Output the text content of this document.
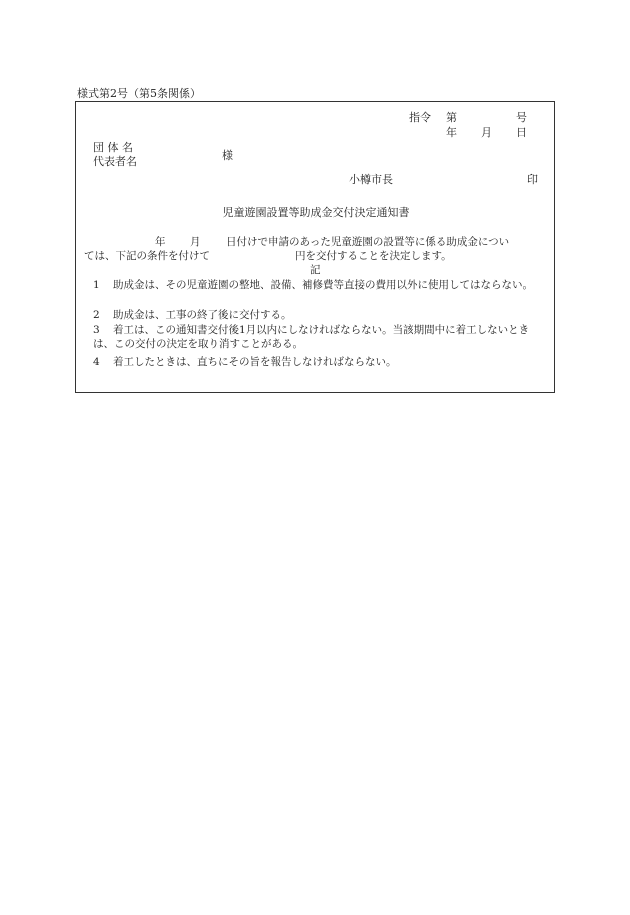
様式第2号（第5条関係）
指令 第	号
年 月 日
団 体 名
様
代表者名
小樽市長	印
児童遊園設置等助成金交付決定通知書
年 月 日付けで申請のあった児童遊園の設置等に係る助成金につい
ては、下記の条件を付けて	円を交付することを決定します。
記
1 助成金は、その児童遊園の整地、設備、補修費等直接の費用以外に使用してはならない。
2 助成金は、工事の終了後に交付する。
3 着工は、この通知書交付後1月以内にしなければならない。当該期間中に着工しないときは、この交付の決定を取り消すことがある。
4 着工したときは、直ちにその旨を報告しなければならない。
